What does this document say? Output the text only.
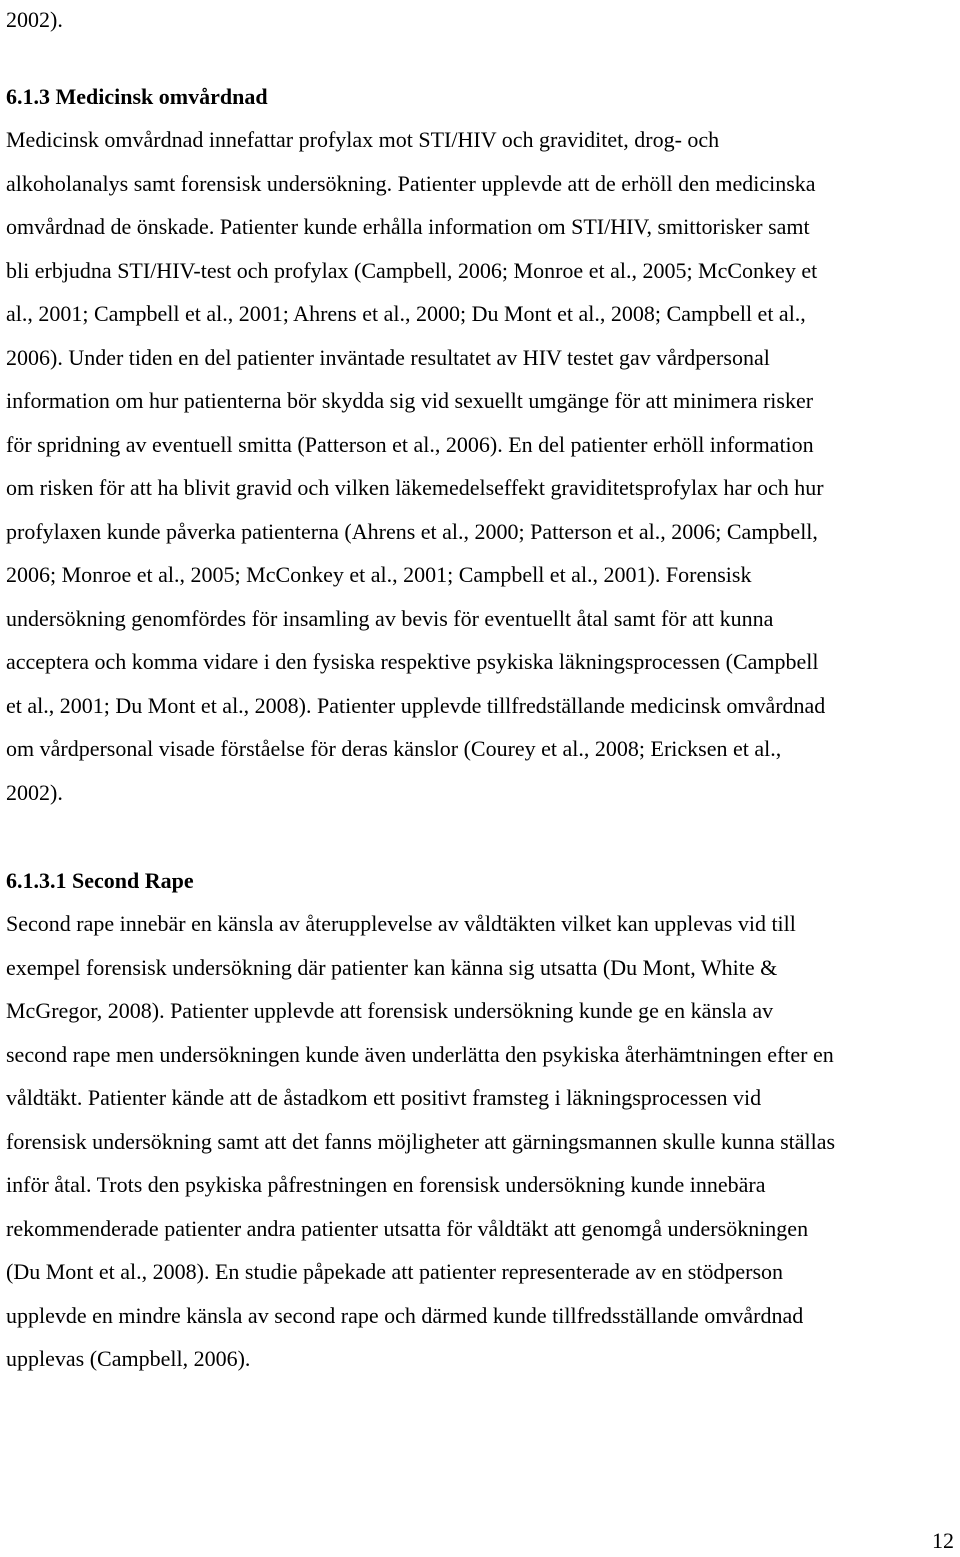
2002).

6.1.3 Medicinsk omvårdnad

Medicinsk omvårdnad innefattar profylax mot STI/HIV och graviditet, drog- och
alkoholanalys samt forensisk undersökning. Patienter upplevde att de erhöll den medicinska
omvårdnad de önskade. Patienter kunde erhålla information om STI/HIV, smittorisker samt
bli erbjudna STI/HIV-test och profylax (Campbell, 2006; Monroe et al., 2005; McConkey et
al., 2001; Campbell et al., 2001; Ahrens et al., 2000; Du Mont et al., 2008; Campbell et al.,
2006). Under tiden en del patienter inväntade resultatet av HIV testet gav vårdpersonal
information om hur patienterna bör skydda sig vid sexuellt umgänge för att minimera risker
för spridning av eventuell smitta (Patterson et al., 2006). En del patienter erhöll information
om risken för att ha blivit gravid och vilken läkemedelseffekt graviditetsprofylax har och hur
profylaxen kunde påverka patienterna (Ahrens et al., 2000; Patterson et al., 2006; Campbell,
2006; Monroe et al., 2005; McConkey et al., 2001; Campbell et al., 2001). Forensisk
undersökning genomfördes för insamling av bevis för eventuellt åtal samt för att kunna
acceptera och komma vidare i den fysiska respektive psykiska läkningsprocessen (Campbell
et al., 2001; Du Mont et al., 2008). Patienter upplevde tillfredställande medicinsk omvårdnad
om vårdpersonal visade förståelse för deras känslor (Courey et al., 2008; Ericksen et al.,
2002).

6.1.3.1 Second Rape

Second rape innebär en känsla av återupplevelse av våldtäkten vilket kan upplevas vid till
exempel forensisk undersökning där patienter kan känna sig utsatta (Du Mont, White &
McGregor, 2008). Patienter upplevde att forensisk undersökning kunde ge en känsla av
second rape men undersökningen kunde även underlätta den psykiska återhämtningen efter en
våldtäkt. Patienter kände att de åstadkom ett positivt framsteg i läkningsprocessen vid
forensisk undersökning samt att det fanns möjligheter att gärningsmannen skulle kunna ställas
inför åtal. Trots den psykiska påfrestningen en forensisk undersökning kunde innebära
rekommenderade patienter andra patienter utsatta för våldtäkt att genomgå undersökningen
(Du Mont et al., 2008). En studie påpekade att patienter representerade av en stödperson
upplevde en mindre känsla av second rape och därmed kunde tillfredsställande omvårdnad
upplevas (Campbell, 2006).

12
